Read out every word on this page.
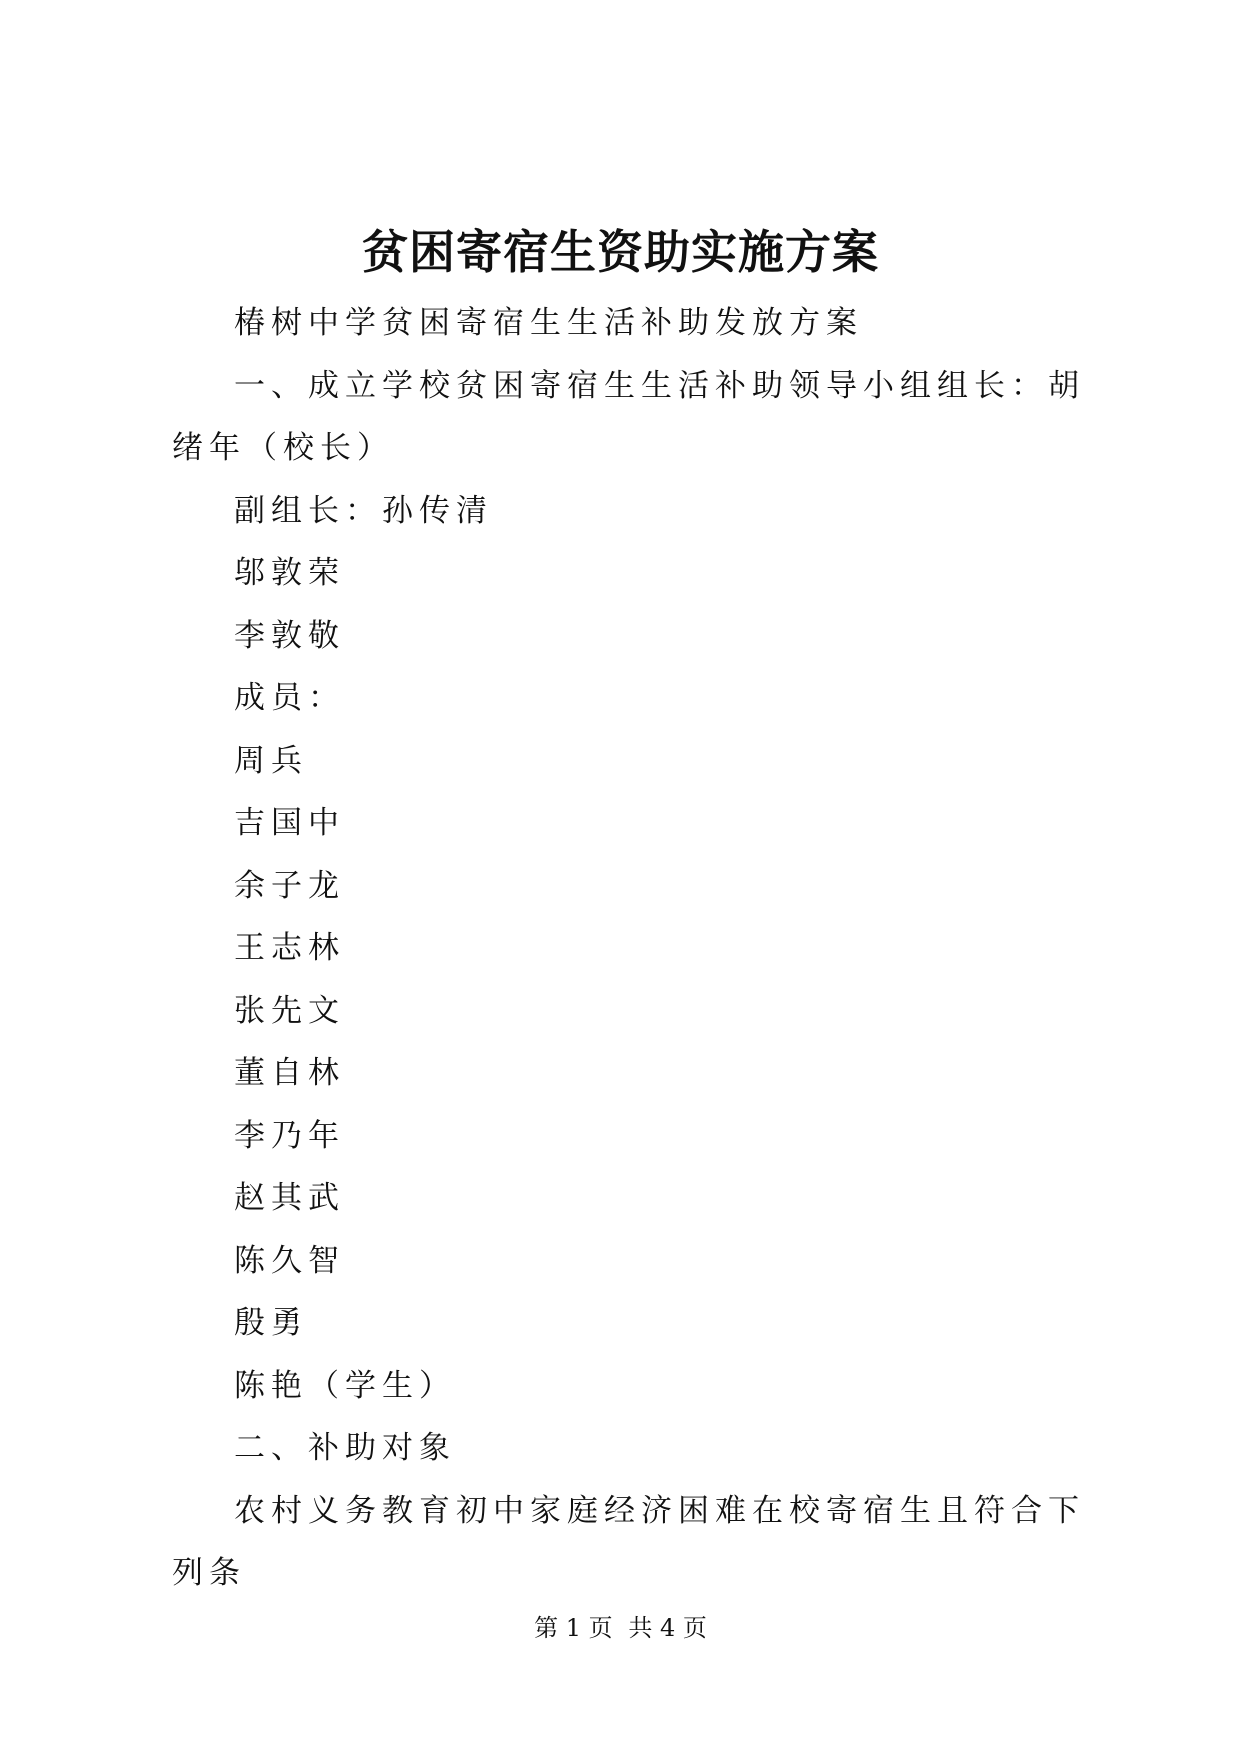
贫困寄宿生资助实施方案

椿树中学贫困寄宿生生活补助发放方案

一、成立学校贫困寄宿生生活补助领导小组组长：胡绪年（校长）

副组长：孙传清

邬敦荣

李敦敬

成员：

周兵

吉国中

余子龙

王志林

张先文

董自林

李乃年

赵其武

陈久智

殷勇

陈艳（学生）

二、补助对象

农村义务教育初中家庭经济困难在校寄宿生且符合下列条

第 1 页 共 4 页
